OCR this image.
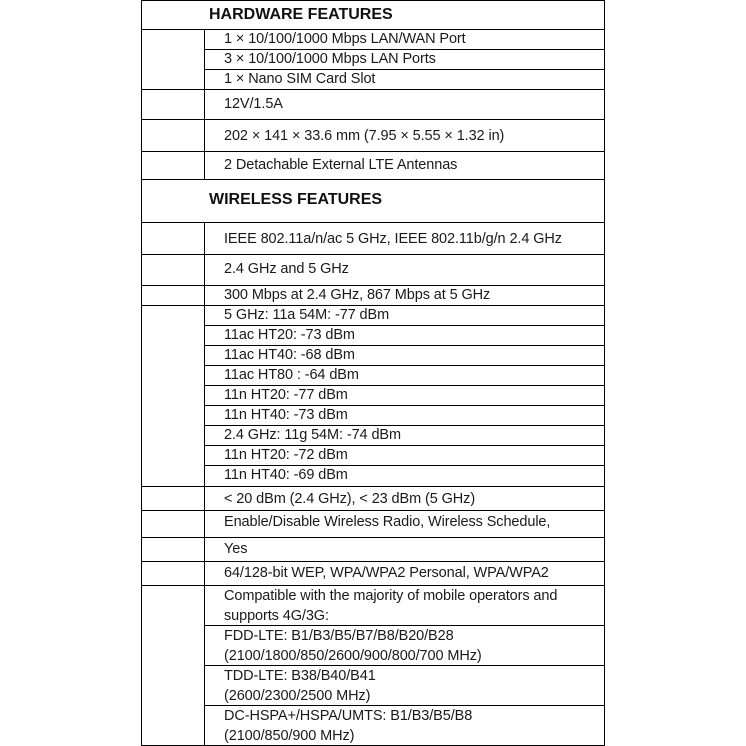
HARDWARE FEATURES
1 × 10/100/1000 Mbps LAN/WAN Port
3 × 10/100/1000 Mbps LAN Ports
1 × Nano SIM Card Slot
12V/1.5A
202 × 141 × 33.6 mm (7.95 × 5.55 × 1.32 in)
2 Detachable External LTE Antennas
WIRELESS FEATURES
IEEE 802.11a/n/ac 5 GHz, IEEE 802.11b/g/n 2.4 GHz
2.4 GHz and 5 GHz
300 Mbps at 2.4 GHz, 867 Mbps at 5 GHz
5 GHz: 11a 54M: -77 dBm
11ac HT20: -73 dBm
11ac HT40: -68 dBm
11ac HT80 : -64 dBm
11n HT20: -77 dBm
11n HT40: -73 dBm
2.4 GHz: 11g 54M: -74 dBm
11n HT20: -72 dBm
11n HT40: -69 dBm
< 20 dBm (2.4 GHz), < 23 dBm (5 GHz)
Enable/Disable Wireless Radio, Wireless Schedule,
Yes
64/128-bit WEP, WPA/WPA2 Personal, WPA/WPA2
Compatible with the majority of mobile operators and
supports 4G/3G:
FDD-LTE: B1/B3/B5/B7/B8/B20/B28
(2100/1800/850/2600/900/800/700 MHz)
TDD-LTE: B38/B40/B41
(2600/2300/2500 MHz)
DC-HSPA+/HSPA/UMTS: B1/B3/B5/B8
(2100/850/900 MHz)
